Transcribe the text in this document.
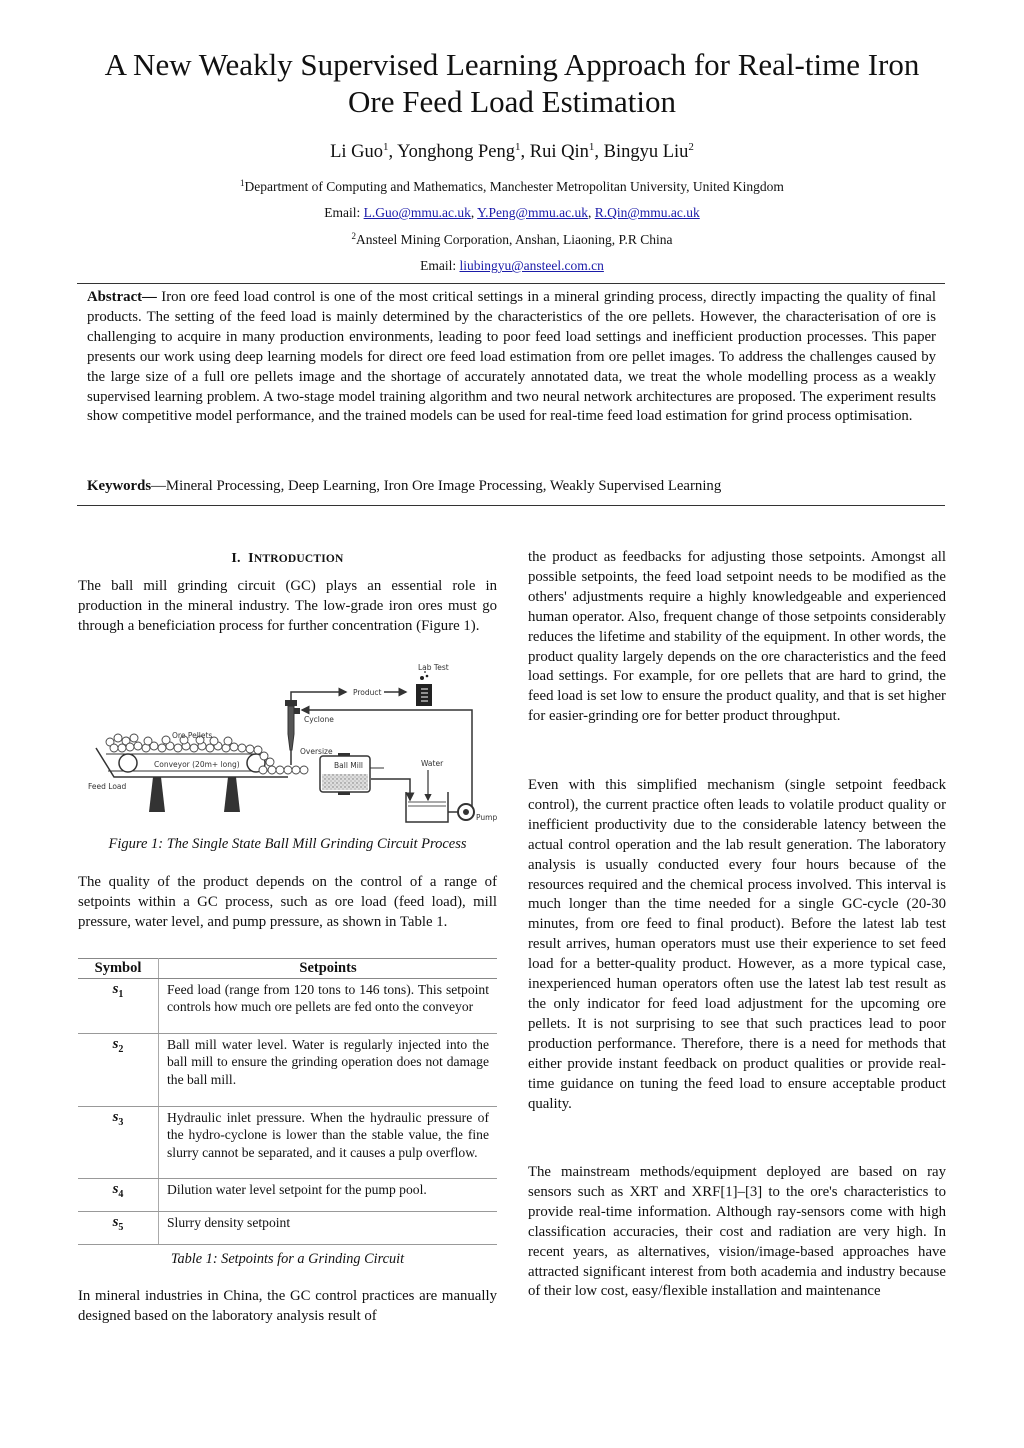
A New Weakly Supervised Learning Approach for Real-time Iron
Ore Feed Load Estimation
Li Guo$^1$, Yonghong Peng$^1$, Rui Qin$^1$, Bingyu Liu$^2$
$^1$Department of Computing and Mathematics, Manchester Metropolitan University, United Kingdom
Email: L.Guo@mmu.ac.uk, Y.Peng@mmu.ac.uk, R.Qin@mmu.ac.uk
$^2$Ansteel Mining Corporation, Anshan, Liaoning, P.R China
Email: liubingyu@ansteel.com.cn
Abstract— Iron ore feed load control is one of the most critical settings in a mineral grinding process, directly impacting the quality of final products. The setting of the feed load is mainly determined by the characteristics of the ore pellets. However, the characterisation of ore is challenging to acquire in many production environments, leading to poor feed load settings and inefficient production processes. This paper presents our work using deep learning models for direct ore feed load estimation from ore pellet images. To address the challenges caused by the large size of a full ore pellets image and the shortage of accurately annotated data, we treat the whole modelling process as a weakly supervised learning problem. A two-stage model training algorithm and two neural network architectures are proposed. The experiment results show competitive model performance, and the trained models can be used for real-time feed load estimation for grind process optimisation.
Keywords—Mineral Processing, Deep Learning, Iron Ore Image Processing, Weakly Supervised Learning
I. INTRODUCTION
The ball mill grinding circuit (GC) plays an essential role in production in the mineral industry. The low-grade iron ores must go through a beneficiation process for further concentration (Figure 1).
Lab Test
Product
Cyclone
Ore Pellets
Oversize
Conveyor (20m+ long)	Ball Mill	Water
Feed Load
Pump
Figure 1: The Single State Ball Mill Grinding Circuit Process
The quality of the product depends on the control of a range of setpoints within a GC process, such as ore load (feed load), mill pressure, water level, and pump pressure, as shown in Table 1.
Symbol	Setpoints
$s_1$	Feed load (range from 120 tons to 146 tons). This setpoint controls how much ore pellets are fed onto the conveyor
$s_2$	Ball mill water level. Water is regularly injected into the ball mill to ensure the grinding operation does not damage the ball mill.
$s_3$	Hydraulic inlet pressure. When the hydraulic pressure of the hydro-cyclone is lower than the stable value, the fine slurry cannot be separated, and it causes a pulp overflow.
$s_4$	Dilution water level setpoint for the pump pool.
$s_5$	Slurry density setpoint
Table 1: Setpoints for a Grinding Circuit
In mineral industries in China, the GC control practices are manually designed based on the laboratory analysis result of
the product as feedbacks for adjusting those setpoints. Amongst all possible setpoints, the feed load setpoint needs to be modified as the others' adjustments require a highly knowledgeable and experienced human operator. Also, frequent change of those setpoints considerably reduces the lifetime and stability of the equipment. In other words, the product quality largely depends on the ore characteristics and the feed load settings. For example, for ore pellets that are hard to grind, the feed load is set low to ensure the product quality, and that is set higher for easier-grinding ore for better product throughput.
Even with this simplified mechanism (single setpoint feedback control), the current practice often leads to volatile product quality or inefficient productivity due to the considerable latency between the actual control operation and the lab result generation. The laboratory analysis is usually conducted every four hours because of the resources required and the chemical process involved. This interval is much longer than the time needed for a single GC-cycle (20-30 minutes, from ore feed to final product). Before the latest lab test result arrives, human operators must use their experience to set feed load for a better-quality product. However, as a more typical case, inexperienced human operators often use the latest lab test result as the only indicator for feed load adjustment for the upcoming ore pellets. It is not surprising to see that such practices lead to poor production performance. Therefore, there is a need for methods that either provide instant feedback on product qualities or provide real-time guidance on tuning the feed load to ensure acceptable product quality.
The mainstream methods/equipment deployed are based on ray sensors such as XRT and XRF[1]–[3] to the ore's characteristics to provide real-time information. Although ray-sensors come with high classification accuracies, their cost and radiation are very high. In recent years, as alternatives, vision/image-based approaches have attracted significant interest from both academia and industry because of their low cost, easy/flexible installation and maintenance
